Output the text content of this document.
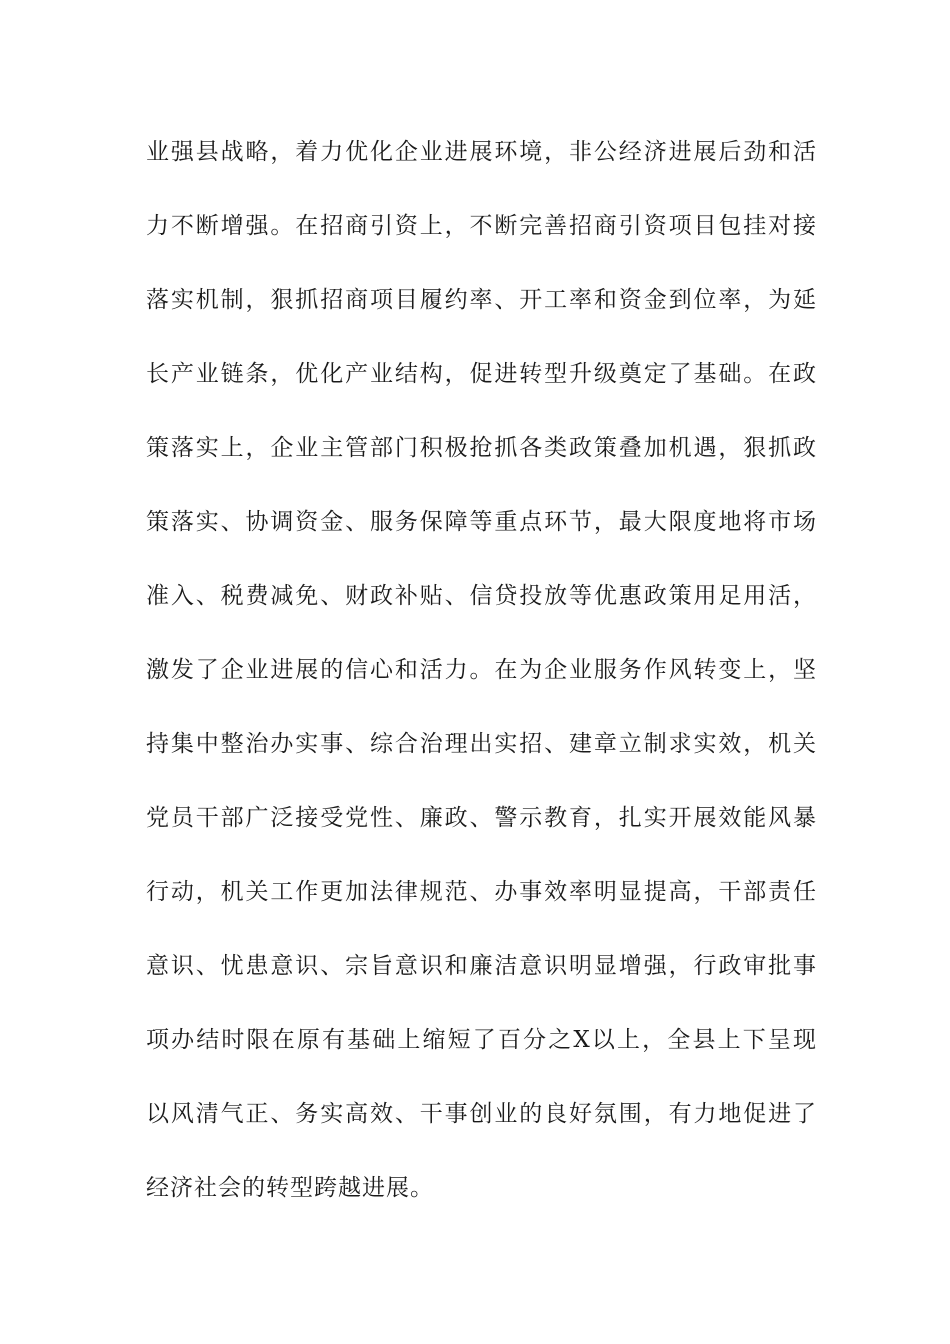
业强县战略，着力优化企业进展环境，非公经济进展后劲和活
力不断增强。在招商引资上，不断完善招商引资项目包挂对接
落实机制，狠抓招商项目履约率、开工率和资金到位率，为延
长产业链条，优化产业结构，促进转型升级奠定了基础。在政
策落实上，企业主管部门积极抢抓各类政策叠加机遇，狠抓政
策落实、协调资金、服务保障等重点环节，最大限度地将市场
准入、税费减免、财政补贴、信贷投放等优惠政策用足用活，
激发了企业进展的信心和活力。在为企业服务作风转变上，坚
持集中整治办实事、综合治理出实招、建章立制求实效，机关
党员干部广泛接受党性、廉政、警示教育，扎实开展效能风暴
行动，机关工作更加法律规范、办事效率明显提高，干部责任
意识、忧患意识、宗旨意识和廉洁意识明显增强，行政审批事
项办结时限在原有基础上缩短了百分之X以上，全县上下呈现
以风清气正、务实高效、干事创业的良好氛围，有力地促进了
经济社会的转型跨越进展。
